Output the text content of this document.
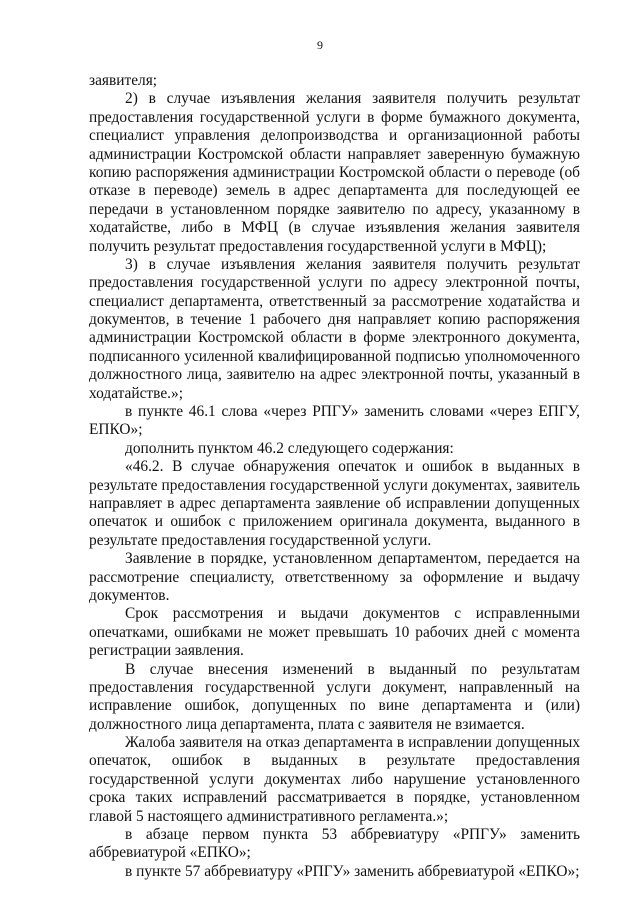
9
заявителя;
2) в случае изъявления желания заявителя получить результат
предоставления государственной услуги в форме бумажного документа,
специалист управления делопроизводства и организационной работы
администрации Костромской области направляет заверенную бумажную
копию распоряжения администрации Костромской области о переводе (об
отказе в переводе) земель в адрес департамента для последующей ее
передачи в установленном порядке заявителю по адресу, указанному в
ходатайстве, либо в МФЦ (в случае изъявления желания заявителя
получить результат предоставления государственной услуги в МФЦ);
3) в случае изъявления желания заявителя получить результат
предоставления государственной услуги по адресу электронной почты,
специалист департамента, ответственный за рассмотрение ходатайства и
документов, в течение 1 рабочего дня направляет копию распоряжения
администрации Костромской области в форме электронного документа,
подписанного усиленной квалифицированной подписью уполномоченного
должностного лица, заявителю на адрес электронной почты, указанный в
ходатайстве.»;
в пункте 46.1 слова «через РПГУ» заменить словами «через ЕПГУ,
ЕПКО»;
дополнить пунктом 46.2 следующего содержания:
«46.2. В случае обнаружения опечаток и ошибок в выданных в
результате предоставления государственной услуги документах, заявитель
направляет в адрес департамента заявление об исправлении допущенных
опечаток и ошибок с приложением оригинала документа, выданного в
результате предоставления государственной услуги.
Заявление в порядке, установленном департаментом, передается на
рассмотрение специалисту, ответственному за оформление и выдачу
документов.
Срок рассмотрения и выдачи документов с исправленными
опечатками, ошибками не может превышать 10 рабочих дней с момента
регистрации заявления.
В случае внесения изменений в выданный по результатам
предоставления государственной услуги документ, направленный на
исправление ошибок, допущенных по вине департамента и (или)
должностного лица департамента, плата с заявителя не взимается.
Жалоба заявителя на отказ департамента в исправлении допущенных
опечаток, ошибок в выданных в результате предоставления
государственной услуги документах либо нарушение установленного
срока таких исправлений рассматривается в порядке, установленном
главой 5 настоящего административного регламента.»;
в абзаце первом пункта 53 аббревиатуру «РПГУ» заменить
аббревиатурой «ЕПКО»;
в пункте 57 аббревиатуру «РПГУ» заменить аббревиатурой «ЕПКО»;
